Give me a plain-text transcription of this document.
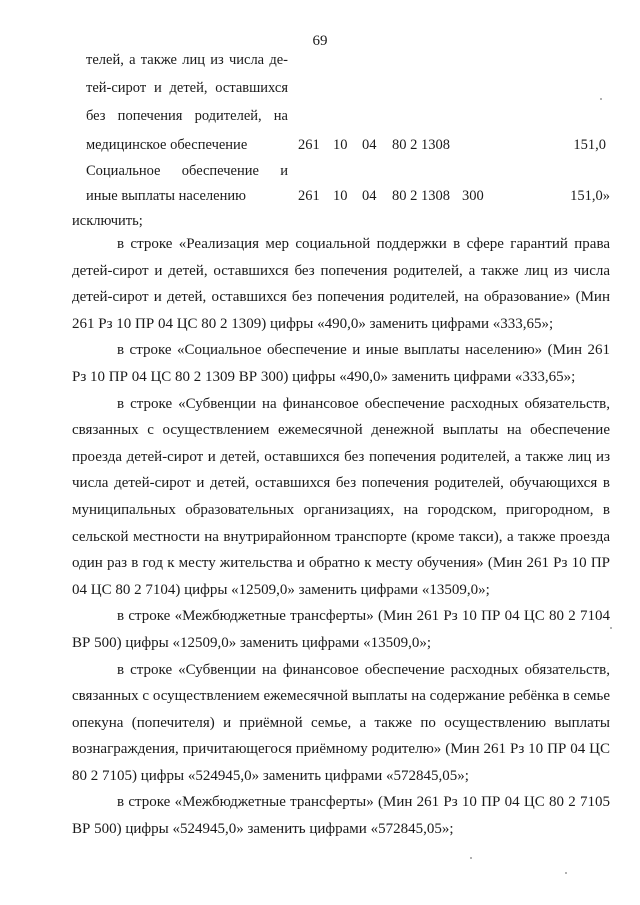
69
телей, а также лиц из числа де-
тей-сирот и детей, оставшихся
без попечения родителей, на
медицинское обеспечение	261 10 04 80 2 1308	151,0
Социальное обеспечение и
иные выплаты населению	261 10 04 80 2 1308 300	151,0»
исключить;

в строке «Реализация мер социальной поддержки в сфере гарантий права детей-сирот и детей, оставшихся без попечения родителей, а также лиц из числа детей-сирот и детей, оставшихся без попечения родителей, на образование» (Мин 261 Рз 10 ПР 04 ЦС 80 2 1309) цифры «490,0» заменить цифрами «333,65»;

в строке «Социальное обеспечение и иные выплаты населению» (Мин 261 Рз 10 ПР 04 ЦС 80 2 1309 ВР 300) цифры «490,0» заменить цифрами «333,65»;

в строке «Субвенции на финансовое обеспечение расходных обязательств, связанных с осуществлением ежемесячной денежной выплаты на обеспечение проезда детей-сирот и детей, оставшихся без попечения родителей, а также лиц из числа детей-сирот и детей, оставшихся без попечения родителей, обучающихся в муниципальных образовательных организациях, на городском, пригородном, в сельской местности на внутрирайонном транспорте (кроме такси), а также проезда один раз в год к месту жительства и обратно к месту обучения» (Мин 261 Рз 10 ПР 04 ЦС 80 2 7104) цифры «12509,0» заменить цифрами «13509,0»;

в строке «Межбюджетные трансферты» (Мин 261 Рз 10 ПР 04 ЦС 80 2 7104 ВР 500) цифры «12509,0» заменить цифрами «13509,0»;

в строке «Субвенции на финансовое обеспечение расходных обязательств, связанных с осуществлением ежемесячной выплаты на содержание ребёнка в семье опекуна (попечителя) и приёмной семье, а также по осуществлению выплаты вознаграждения, причитающегося приёмному родителю» (Мин 261 Рз 10 ПР 04 ЦС 80 2 7105) цифры «524945,0» заменить цифрами «572845,05»;

в строке «Межбюджетные трансферты» (Мин 261 Рз 10 ПР 04 ЦС 80 2 7105 ВР 500) цифры «524945,0» заменить цифрами «572845,05»;
